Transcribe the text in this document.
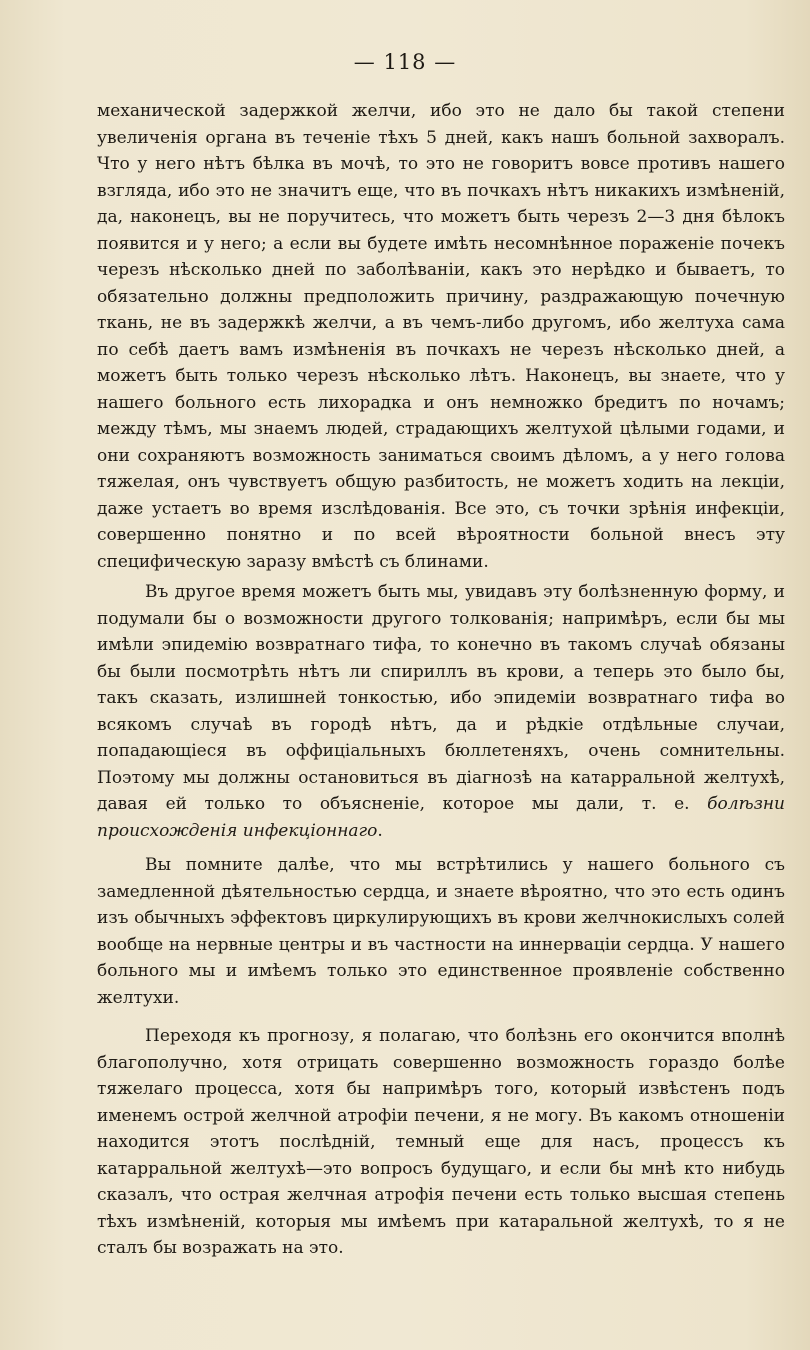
— 118 —

механической задержкой желчи, ибо это не дало бы такой степени увеличенія органа въ теченіе тѣхъ 5 дней, какъ нашъ больной захворалъ. Что у него нѣтъ бѣлка въ мочѣ, то это не говоритъ вовсе противъ нашего взгляда, ибо это не значитъ еще, что въ почкахъ нѣтъ никакихъ измѣненій, да, наконецъ, вы не поручитесь, что можетъ быть черезъ 2—3 дня бѣлокъ появится и у него; а если вы будете имѣть несомнѣнное пораженіе почекъ черезъ нѣсколько дней по заболѣваніи, какъ это нерѣдко и бываетъ, то обязательно должны предположить причину, раздражающую почечную ткань, не въ задержкѣ желчи, а въ чемъ-либо другомъ, ибо желтуха сама по себѣ даетъ вамъ измѣненія въ почкахъ не черезъ нѣсколько дней, а можетъ быть только черезъ нѣсколько лѣтъ. Наконецъ, вы знаете, что у нашего больного есть лихорадка и онъ немножко бредитъ по ночамъ; между тѣмъ, мы знаемъ людей, страдающихъ желтухой цѣлыми годами, и они сохраняютъ возможность заниматься своимъ дѣломъ, а у него голова тяжелая, онъ чувствуетъ общую разбитость, не можетъ ходить на лекціи, даже устаетъ во время изслѣдованія. Все это, съ точки зрѣнія инфекціи, совершенно понятно и по всей вѣроятности больной внесъ эту специфическую заразу вмѣстѣ съ блинами.

Въ другое время можетъ быть мы, увидавъ эту болѣзненную форму, и подумали бы о возможности другого толкованія; напримѣръ, если бы мы имѣли эпидемію возвратнаго тифа, то конечно въ такомъ случаѣ обязаны бы были посмотрѣть нѣтъ ли спириллъ въ крови, а теперь это было бы, такъ сказать, излишней тонкостью, ибо эпидеміи возвратнаго тифа во всякомъ случаѣ въ городѣ нѣтъ, да и рѣдкіе отдѣльные случаи, попадающіеся въ оффиціальныхъ бюллетеняхъ, очень сомнительны. Поэтому мы должны остановиться въ діагнозѣ на катарральной желтухѣ, давая ей только то объясненіе, которое мы дали, т. е. болѣзни происхожденія инфекціоннаго.

Вы помните далѣе, что мы встрѣтились у нашего больного съ замедленной дѣятельностью сердца, и знаете вѣроятно, что это есть одинъ изъ обычныхъ эффектовъ циркулирующихъ въ крови желчнокислыхъ солей вообще на нервные центры и въ частности на иннерваціи сердца. У нашего больного мы и имѣемъ только это единственное проявленіе собственно желтухи.

Переходя къ прогнозу, я полагаю, что болѣзнь его окончится вполнѣ благополучно, хотя отрицать совершенно возможность гораздо болѣе тяжелаго процесса, хотя бы напримѣръ того, который извѣстенъ подъ именемъ острой желчной атрофіи печени, я не могу. Въ какомъ отношеніи находится этотъ послѣдній, темный еще для насъ, процессъ къ катарральной желтухѣ—это вопросъ будущаго, и если бы мнѣ кто нибудь сказалъ, что острая желчная атрофія печени есть только высшая степень тѣхъ измѣненій, которыя мы имѣемъ при катаральной желтухѣ, то я не сталъ бы возражать на это.
